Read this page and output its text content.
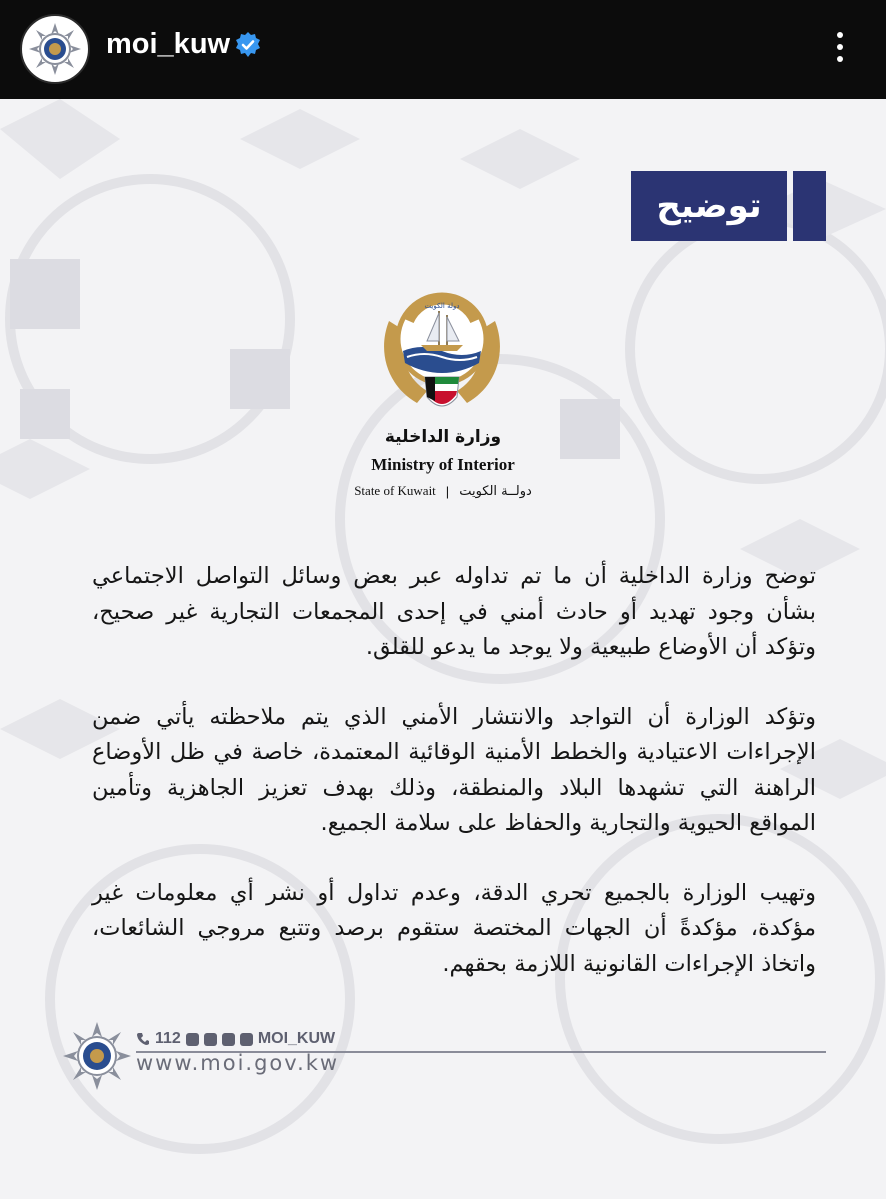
moi_kuw
توضيح
دولة الكويت
وزارة الداخلية
Ministry of Interior
State of Kuwait | دولــة الكويت

توضح وزارة الداخلية أن ما تم تداوله عبر بعض وسائل التواصل الاجتماعي بشأن وجود تهديد أو حادث أمني في إحدى المجمعات التجارية غير صحيح، وتؤكد أن الأوضاع طبيعية ولا يوجد ما يدعو للقلق.

وتؤكد الوزارة أن التواجد والانتشار الأمني الذي يتم ملاحظته يأتي ضمن الإجراءات الاعتيادية والخطط الأمنية الوقائية المعتمدة، خاصة في ظل الأوضاع الراهنة التي تشهدها البلاد والمنطقة، وذلك بهدف تعزيز الجاهزية وتأمين المواقع الحيوية والتجارية والحفاظ على سلامة الجميع.

وتهيب الوزارة بالجميع تحري الدقة، وعدم تداول أو نشر أي معلومات غير مؤكدة، مؤكدةً أن الجهات المختصة ستقوم برصد وتتبع مروجي الشائعات، واتخاذ الإجراءات القانونية اللازمة بحقهم.

112	MOI_KUW
www.moi.gov.kw
